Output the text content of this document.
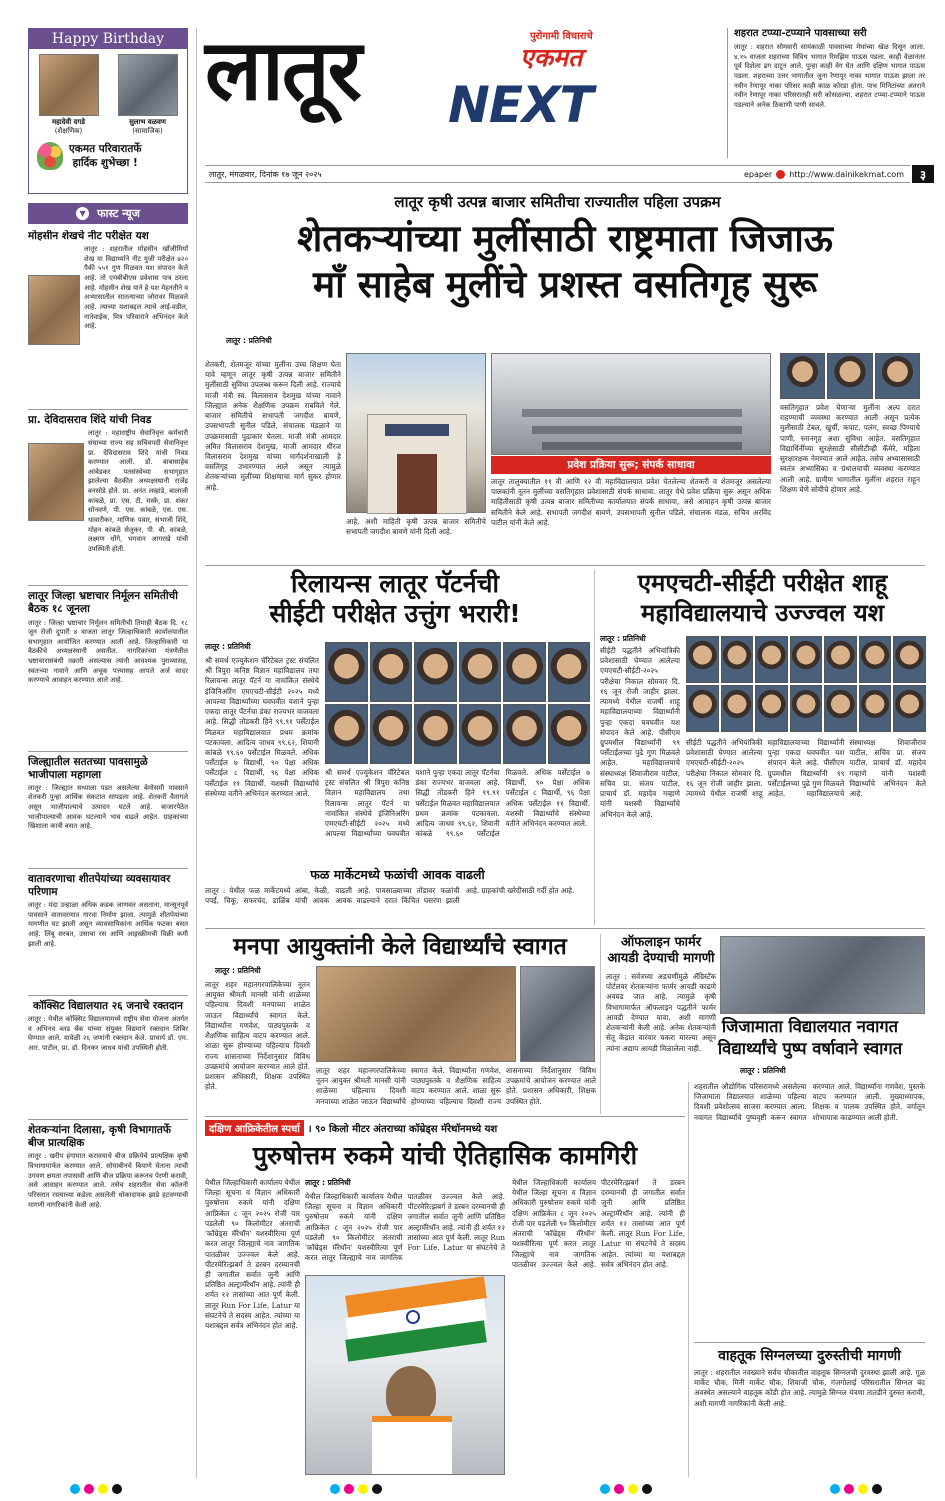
Happy Birthday
महादेवी दगडे
(शैक्षणिक)
सुलाभ वळवण
(सामाजिक)
एकमत परिवारातर्फे
हार्दिक शुभेच्छा !
▼	फास्ट न्यूज
मोहसीन शेखचे नीट परीक्षेत यश
लातूर : शहरातील मोहसीन खाँजीमियाँ शेख या विद्यार्थ्याने नीट युजी परीक्षेत ७२० पैकी ५५१ गुण मिळवत यश संपादन केले आहे. तो एमबीबीएस प्रवेशास पात्र ठरला आहे. मोहसीन शेख याने हे यश मेहनतीने व अभ्यासातील सातत्याच्या जोरावर मिळवले आहे. त्याच्या यशाबद्दल त्याचे आई-वडील, नातेवाईक, मित्र परिवाराने अभिनंदन केले आहे.
प्रा. देविदासराव शिंदे यांची निवड
लातूर : महाराष्ट्रीय सेवानिवृत्त कर्मचारी संघाच्या राज्य सह सचिवपदी सेवानिवृत्त प्रा. देविदासराव शिंदे यांची निवड करण्यात आली. डॉ. बाबासाहेब आंबेडकर पतसंस्थेच्या सभागृहात झालेल्या बैठकीत अध्यक्षस्थानी राजेंद्र बनसोडे होते. प्रा. अनंत लव्हांडे, बालाजी कांबळे, प्रा. एस. टी. मस्के, प्रा. शंकर सोनवणे, पी. एस. कांबळे, एस. एस. धावारीकर, माणिक पवार, संभाजी शिंदे, मोहन कांबळे सेलूकर, पी. बी. कांबळे, लक्ष्मण धोंगे, भगवान आगरखे यांची उपस्थिती होती.
लातूर जिल्हा भ्रष्टाचार निर्मूलन समितीची बैठक १८ जूनला
लातूर : जिल्हा भ्रष्टाचार निर्मूलन समितीची तिमाही बैठक दि. १८ जून रोजी दुपारी ४ वाजता लातूर जिल्हाधिकारी कार्यालयातील सभागृहात आयोजित करण्यात आली आहे. जिल्हाधिकारी या बैठकीचे अध्यक्षस्थानी असतील. नागरिकांच्या यंत्रणेतील भ्रष्टाचारासंबंधी तक्रारी असल्यास त्यांनी आवश्यक पुराव्यासह, स्वतःच्या नावाने आणि अचूक पत्त्यासह आपले अर्ज सादर करण्याचे आवाहन करण्यात आले आहे.
जिल्ह्यातील सततच्या पावसामुळे भाजीपाला महागला
लातूर : जिल्ह्यात सध्याला पडत असलेल्या बेमोसमी पावसाने शेतकरी पुन्हा आर्थिक संकटात सापडला आहे. शेतकरी वैतागले असून भाजीपाल्याचे उत्पादन घटले आहे. बाजारपेठेत भाजीपाल्याची आवक घटल्याने भाव वाढले आहेत. ग्राहकांच्या खिशाला कात्री बसत आहे.
वातावरणाचा शीतपेयांच्या व्यवसायावर परिणाम
लातूर : यंदा उन्हाळा अधिक कडक जाणवत असताना, मान्सूनपूर्व पावसाने वातावरणात गारवा निर्माण झाला. त्यामुळे शीतपेयांच्या मागणीत घट झाली असून व्यावसायिकांना आर्थिक फटका बसत आहे. लिंबू सरबत, उसाचा रस आणि आइस्क्रीमची विक्री कमी झाली आहे.
कॉक्सिट विद्यालयात २६ जनाचे रक्तदान
लातूर : येथील कॉक्सिट विद्यालयामध्ये राष्ट्रीय सेवा योजना अंतर्गत व अभिनव ब्लड बँक यांच्या संयुक्त विद्यमाने रक्तदान शिबिर घेण्यात आले. यावेळी २६ जणांनी रक्तदान केले. प्राचार्य डॉ. एम. आर. पाटील, प्रा. डॉ. दिनकर जाधव यांची उपस्थिती होती.
शेतकऱ्यांना दिलासा, कृषी विभागातर्फे बीज प्रात्यक्षिक
लातूर : खरीप हंगामात करावयाचे बीज प्रक्रियेचे प्रात्यक्षिक कृषी विभागामार्फत करण्यात आले. सोयाबीनचे बियाणे घेताना त्याची उगवण क्षमता तपासावी आणि बीज प्रक्रिया करूनच पेरणी करावी, असे आवाहन करण्यात आले. तसेच शहरातील सेवा कॉलनी परिसरात रस्त्याच्या कडेला असलेली धोकादायक झाडे हटवण्याची मागणी नागरिकांनी केली आहे.
लातूर NEXT
पुरोगामी विचाराचे
एकमत
लातूर, मंगळवार, दिनांक १७ जून २०२५	epaper http://www.dainikekmat.com	३
शहरात टप्प्या-टप्प्याने पावसाच्या सरी
लातूर : शहरात सोमवारी सायंकाळी पावसाच्या मेघांच्या खेळ दिसून आला. ४.१५ वाजता शहराच्या विविध भागात रिमझिम पाऊस पडला. काही वेळानंतर पूर्व दिशेला ढग दाटून आले. पुन्हा काही वेग घेत आणि दक्षिण भागात पाऊस पडला. शहराच्या उत्तर भागातील जुना रेणापूर नाका भागात पाऊस झाला तर नवीन रेणापूर नाका परिसर काही काळ कोरडा होता. पाच मिनिटांच्या अंतराने नवीन रेणापूर नाका परिसरातही सरी कोसळल्या. शहरात टप्प्या-टप्प्याने पाऊस पडल्याने अनेक ठिकाणी पाणी साचले.
लातूर कृषी उत्पन्न बाजार समितीचा राज्यातील पहिला उपक्रम
शेतकऱ्यांच्या मुलींसाठी राष्ट्रमाता जिजाऊ
माँ साहेब मुलींचे प्रशस्त वसतिगृह सुरू
लातूर : प्रतिनिधी
शेतकरी, शेतमजूर यांच्या मुलींना उच्च शिक्षण घेता यावे म्हणून लातूर कृषी उत्पन्न बाजार समितीने मुलींसाठी सुविधा उपलब्ध करून दिली आहे. राज्याचे माजी मंत्री स्व. विलासराव देशमुख यांच्या नावाने जिल्ह्यात अनेक शैक्षणिक उपक्रम राबविले गेले. बाजार समितीचे सभापती जगदीश बावणे, उपसभापती सुनील पडिले, संचालक मंडळाने या उपक्रमासाठी पुढाकार घेतला. माजी मंत्री आमदार अमित विलासराव देशमुख, माजी आमदार धीरज विलासराव देशमुख यांच्या मार्गदर्शनाखाली हे वसतिगृह उभारण्यात आले असून त्यामुळे शेतकऱ्यांच्या मुलींच्या शिक्षणाचा मार्ग सुकर होणार आहे.
आहे, अशी माहिती कृषी उत्पन्न बाजार समितीचे सभापती जगदीश बावणे यांनी दिली आहे.
प्रवेश प्रक्रिया सुरू; संपर्क साधावा
लातूर तालुक्यातील ११ वी आणि १२ वी महाविद्यालयात प्रवेश घेतलेल्या शेतकरी व शेतमजूर असलेल्या पालकांनी नूतन मुलींच्या वसतिगृहात प्रवेशासाठी संपर्क साधावा. लातूर येथे प्रवेश प्रक्रिया सुरू असून अधिक माहितीसाठी कृषी उत्पन्न बाजार समितीच्या कार्यालयात संपर्क साधावा, असे आवाहन कृषी उत्पन्न बाजार समितीने केले आहे. सभापती जगदीश बावणे, उपसभापती सुनील पडिले, संचालक मंडळ, सचिव अरविंद पाटील यांनी केले आहे.
वसतिगृहात प्रवेश घेणाऱ्या मुलींना अल्प दरात राहण्याची व्यवस्था करण्यात आली असून प्रत्येक मुलीसाठी टेबल, खुर्ची, कपाट, पलंग, स्वच्छ पिण्याचे पाणी, स्नानगृह अशा सुविधा आहेत. वसतिगृहात विद्यार्थिनींच्या सुरक्षेसाठी सीसीटीव्ही कॅमेरे, महिला सुरक्षारक्षक नेमण्यात आले आहेत. तसेच अभ्यासासाठी स्वतंत्र अभ्यासिका व ग्रंथालयाची व्यवस्था करण्यात आली आहे. ग्रामीण भागातील मुलींना शहरात राहून शिक्षण घेणे सोयीचे होणार आहे.
रिलायन्स लातूर पॅटर्नची
सीईटी परीक्षेत उत्तुंग भरारी!
लातूर : प्रतिनिधी
श्री समर्थ एज्युकेशन चॅरिटेबल ट्रस्ट संचलित श्री त्रिपुरा कनिष्ठ विज्ञान महाविद्यालय तथा रिलायन्स लातूर पॅटर्न या नामांकित संस्थेचे इंजिनिअरिंग एमएचटी-सीईटी २०२५ मध्ये आपल्या विद्यार्थ्यांच्या घवघवीत यशाने पुन्हा एकदा लातूर पॅटर्नचा डंका राज्यभर वाजवला आहे. सिद्धी तोंडकरी हिने ९९.९१ पर्सेंटाईल मिळवत महाविद्यालयात प्रथम क्रमांक पटकावला. आदित्य जाधव ९९.६२, शिवानी कांबळे ९९.६० पर्सेंटाईल मिळवले. अधिक पर्सेंटाईल ७ विद्यार्थी, ९० पेक्षा अधिक पर्सेंटाईल ८ विद्यार्थी, ९६ पेक्षा अधिक पर्सेंटाईल ११ विद्यार्थी. यशस्वी विद्यार्थ्यांचे संस्थेच्या वतीने अभिनंदन करण्यात आले.
श्री समर्थ एज्युकेशन चॅरिटेबल ट्रस्ट संचलित श्री त्रिपुरा कनिष्ठ विज्ञान महाविद्यालय तथा रिलायन्स लातूर पॅटर्न या नामांकित संस्थेचे इंजिनिअरिंग एमएचटी-सीईटी २०२५ मध्ये आपल्या विद्यार्थ्यांच्या घवघवीत यशाने पुन्हा एकदा लातूर पॅटर्नचा डंका राज्यभर वाजवला आहे. सिद्धी तोंडकरी हिने ९९.९१ पर्सेंटाईल मिळवत महाविद्यालयात प्रथम क्रमांक पटकावला. आदित्य जाधव ९९.६२, शिवानी कांबळे ९९.६० पर्सेंटाईल मिळवले. अधिक पर्सेंटाईल ७ विद्यार्थी, ९० पेक्षा अधिक पर्सेंटाईल ८ विद्यार्थी, ९६ पेक्षा अधिक पर्सेंटाईल ११ विद्यार्थी. यशस्वी विद्यार्थ्यांचे संस्थेच्या वतीने अभिनंदन करण्यात आले.
फळ मार्केटमध्ये फळांची आवक वाढली
लातूर : येथील फळ मार्केटमध्ये आंबा, केळी, पपई, चिकू, सफरचंद, डाळिंब यांची आवक वाढली आहे. पावसाळ्याच्या तोंडावर फळांची आवक वाढल्याने दरात किंचित घसरण झाली आहे. ग्राहकांची खरेदीसाठी गर्दी होत आहे.
एमएचटी-सीईटी परीक्षेत शाहू
महाविद्यालयाचे उज्ज्वल यश
लातूर : प्रतिनिधी
सीईटी पद्धतीने अभियांत्रिकी प्रवेशासाठी घेण्यात आलेल्या एमएचटी-सीईटी-२०२५ परीक्षेचा निकाल सोमवार दि. १६ जून रोजी जाहीर झाला. त्यामध्ये येथील राजर्षी शाहू महाविद्यालयाच्या विद्यार्थ्यांनी पुन्हा एकदा घवघवीत यश संपादन केले आहे. पीसीएम ग्रुपमधील विद्यार्थ्यांनी ९९ पर्सेंटाईलच्या पुढे गुण मिळवले आहेत. महाविद्यालयाचे संस्थाध्यक्ष शिवाजीराव पाटील, सचिव प्रा. संजय पाटील, प्राचार्य डॉ. महादेव गव्हाणे यांनी यशस्वी विद्यार्थ्यांचे अभिनंदन केले आहे.
सीईटी पद्धतीने अभियांत्रिकी प्रवेशासाठी घेण्यात आलेल्या एमएचटी-सीईटी-२०२५ परीक्षेचा निकाल सोमवार दि. १६ जून रोजी जाहीर झाला. त्यामध्ये येथील राजर्षी शाहू महाविद्यालयाच्या विद्यार्थ्यांनी पुन्हा एकदा घवघवीत यश संपादन केले आहे. पीसीएम ग्रुपमधील विद्यार्थ्यांनी ९९ पर्सेंटाईलच्या पुढे गुण मिळवले आहेत. महाविद्यालयाचे संस्थाध्यक्ष शिवाजीराव पाटील, सचिव प्रा. संजय पाटील, प्राचार्य डॉ. महादेव गव्हाणे यांनी यशस्वी विद्यार्थ्यांचे अभिनंदन केले आहे.
मनपा आयुक्तांनी केले विद्यार्थ्यांचे स्वागत
लातूर : प्रतिनिधी
लातूर शहर महानगरपालिकेच्या नूतन आयुक्त श्रीमती मानसी यांनी शाळेच्या पहिल्याच दिवशी मनपाच्या शाळेत जाऊन विद्यार्थ्यांचे स्वागत केले. विद्यार्थ्यांना गणवेश, पाठ्यपुस्तके व शैक्षणिक साहित्य वाटप करण्यात आले. शाळा सुरू होण्याच्या पहिल्याच दिवशी राज्य शासनाच्या निर्देशानुसार विविध उपक्रमांचे आयोजन करण्यात आले होते. प्रशासन अधिकारी, शिक्षक उपस्थित होते.
लातूर शहर महानगरपालिकेच्या नूतन आयुक्त श्रीमती मानसी यांनी शाळेच्या पहिल्याच दिवशी मनपाच्या शाळेत जाऊन विद्यार्थ्यांचे स्वागत केले. विद्यार्थ्यांना गणवेश, पाठ्यपुस्तके व शैक्षणिक साहित्य वाटप करण्यात आले. शाळा सुरू होण्याच्या पहिल्याच दिवशी राज्य शासनाच्या निर्देशानुसार विविध उपक्रमांचे आयोजन करण्यात आले होते. प्रशासन अधिकारी, शिक्षक उपस्थित होते.
ऑफलाइन फार्मर
आयडी देण्याची मागणी
लातूर : सर्वत्रच्या अडचणीमुळे ॲग्रिस्टॅक पोर्टलवर शेतकऱ्यांना फार्मर आयडी काढणे अवघड जात आहे. त्यामुळे कृषी विभागामार्फत ऑफलाइन पद्धतीने फार्मर आयडी देण्यात यावा, अशी मागणी शेतकऱ्यांनी केली आहे. अनेक शेतकऱ्यांनी सेतू केंद्रात वारंवार चकरा मारल्या असून त्यांना अद्याप आयडी मिळालेला नाही.
जिजामाता विद्यालयात नवागत
विद्यार्थ्यांचे पुष्प वर्षावाने स्वागत
लातूर : प्रतिनिधी
दक्षिण आफ्रिकेतील स्पर्धा । ९० किलो मीटर अंतराच्या कॉम्रेड्स मॅरेथॉनमध्ये यश
पुरुषोत्तम रुकमे यांची ऐतिहासिक कामगिरी
लातूर : प्रतिनिधी
येथील जिल्हाधिकारी कार्यालय येथील जिल्हा सूचना व विज्ञान अधिकारी पुरुषोत्तम रुकमे यांनी दक्षिण आफ्रिकेत ८ जून २०२५ रोजी पार पडलेली ९० किलोमीटर अंतराची 'कॉम्रेड्स मॅरेथॉन' यशस्वीरित्या पूर्ण करत लातूर जिल्ह्याचे नाव जागतिक पातळीवर उज्ज्वल केले आहे. पीटरमेरित्झबर्ग ते डरबन दरम्यानची ही जगातील सर्वात जुनी आणि प्रतिष्ठित अल्ट्रामॅरेथॉन आहे. त्यांनी ही शर्यत १२ तासांच्या आत पूर्ण केली. लातूर Run For Life, Latur या संघटनेचे ते सदस्य आहेत. त्यांच्या या यशाबद्दल सर्वत्र अभिनंदन होत आहे.
येथील जिल्हाधिकारी कार्यालय येथील जिल्हा सूचना व विज्ञान अधिकारी पुरुषोत्तम रुकमे यांनी दक्षिण आफ्रिकेत ८ जून २०२५ रोजी पार पडलेली ९० किलोमीटर अंतराची 'कॉम्रेड्स मॅरेथॉन' यशस्वीरित्या पूर्ण करत लातूर जिल्ह्याचे नाव जागतिक पातळीवर उज्ज्वल केले आहे. पीटरमेरित्झबर्ग ते डरबन दरम्यानची ही जगातील सर्वात जुनी आणि प्रतिष्ठित अल्ट्रामॅरेथॉन आहे. त्यांनी ही शर्यत १२ तासांच्या आत पूर्ण केली. लातूर Run For Life, Latur या संघटनेचे ते
येथील जिल्हाधिकारी कार्यालय येथील जिल्हा सूचना व विज्ञान अधिकारी पुरुषोत्तम रुकमे यांनी दक्षिण आफ्रिकेत ८ जून २०२५ रोजी पार पडलेली ९० किलोमीटर अंतराची 'कॉम्रेड्स मॅरेथॉन' यशस्वीरित्या पूर्ण करत लातूर जिल्ह्याचे नाव जागतिक पातळीवर उज्ज्वल केले आहे. पीटरमेरित्झबर्ग ते डरबन दरम्यानची ही जगातील सर्वात जुनी आणि प्रतिष्ठित अल्ट्रामॅरेथॉन आहे. त्यांनी ही शर्यत १२ तासांच्या आत पूर्ण केली. लातूर Run For Life, Latur या संघटनेचे ते सदस्य आहेत. त्यांच्या या यशाबद्दल सर्वत्र अभिनंदन होत आहे.
शहरातील औद्योगिक परिसरामध्ये असलेल्या जिजामाता विद्यालयात शाळेच्या पहिल्या दिवशी प्रवेशोत्सव साजरा करण्यात आला. नवागत विद्यार्थ्यांचे पुष्पवृष्टी करून स्वागत करण्यात आले. विद्यार्थ्यांना गणवेश, पुस्तके वाटप करण्यात आली. मुख्याध्यापक, शिक्षक व पालक उपस्थित होते. वर्गातून शोभायात्रा काढण्यात आली होती.
वाहतूक सिग्नलच्या दुरुस्तीची मागणी
लातूर : शहरातील नवख्याने सर्वच चौकातील वाहतूक सिग्नलची दुरवस्था झाली आहे. गूळ मार्केट चौक, मिनी मार्केट चौक, शिवाजी चौक, गंजगोलाई परिसरातील सिग्नल बंद अवस्थेत असल्याने वाहतूक कोंडी होत आहे. त्यामुळे सिग्नल यंत्रणा तातडीने दुरुस्त करावी, अशी मागणी नागरिकांनी केली आहे.
